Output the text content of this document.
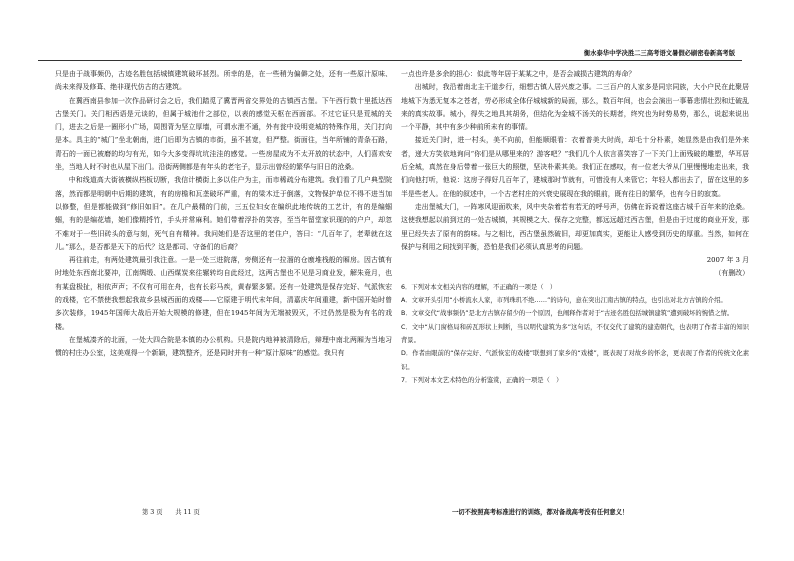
衡水泰华中学决胜二三高考语文暑假必刷密卷新高考版

只是由于战事频仍，古迹名胜包括城镇建筑破坏甚烈。所幸的是，在一些稍为偏僻之处，还有一些原汁原味、尚未来得及修葺、绝非现代仿古的古建筑。

在冀西南县参加一次作品研讨会之后，我们踏觅了冀晋两省交界处的古镇西古堡。下午西行数十里抵达西古堡关门。关门相西语是元谈的，但属于城池什之部位，以表的感觉天枢在西面部。不过它证只是荒城的关门，进去之后是一圈形小广场，周围背为坚立厚墙，可谓水泄不通，外有瓮中设明竞城的特殊作用，关门打向是本。具主的“城门”坐北朝南，进门后即为古镇的市街，虽不甚宽，但严整。街面往，当年所铺的青条石路，青石的一面已被磨的均匀有光，如今大多变得坑坑洼洼的感觉。一些房屋成为不太开放的状态中，人们喜欢安坐，当地人时不时也从屋下出门。沿街两侧都是有年头的老宅子，显示出曾经的繁华与旧日的沧桑。

中和线道高大街被横纵档板切断，我信计横街上多以住户为主，而市稀疏分布建筑。我们看了几户典型院落，然而都是明朝中后期的建筑，有的房檐和瓦垄破坏严重，有的梁木迁于倒落，文物保护单位不得不进当加以修整，但是都能做到“修旧如旧”。在几户最精的门前，三五位妇女在编织此地传统的工艺计，有的是编蝈蝈，有的是编花墙，她们像精捋竹，手头并常麻利。她们带着浮扑的笑容，至当年留堂家识现的的户户，却忽不难对于一些旧砖头的意与刻，死气自有精神。我问她们是否这里的老住户，答曰：“几百年了，老辈就在这儿。”那么，是否都是天下的后代？这是都司、守备们的后裔？

再往前走，有两处建筑最引我注意。一是一处三进院落，旁侧还有一拉溜的仓廒堆栈般的厢房。因古镇有时地处东西南北要冲，江南绸缎、山西煤炭来往辗转均自此经过，这两古堡也不见是习商业发，解朱竟月，也有某盘极扯，相依声声；不仅有可用在舟，也有长彩马疾，黄春繁多繁。还有一处建筑是保存完好、气派恢宏的戏楼，它不禁使我想起我故乡县城西面的戏楼——它原建于明代末年间，清嘉庆年间重建，新中国开始时曾多次装修，1945年国师大战后开始大规模的修建，但在1945年间为无端被毁灭，不过仍然是极为有名的戏楼。

在堡城凑齐的北面，一处大四合院是本镇的办公机构。只是院内地神被清除后，辩理中南北两厢为当地习惯的村庄办公室，这美观得一个新颖，建筑整齐，还是同时并有一种“原汁原味”的感觉。我只有

一点也许是多余的担心：似此等年居于某某之中，是否会减损古建筑的寿命？

出城时，我沿着南北主干道步行，细想古镇人居兴废之事。二三百户的人家多是同宗同族，大小户民在此聚居地城下为悉无复本之苍者，劳必形成全体仔城城新的局面，那么，数百年间，也会会演出一事幕悲情壮烈和迁破乱来的真实故事。城小，得失之地具其胡务，但结化为金城不汤关的长期者，终究也为时势易势，那么，说起来说出一个平静，其中有多少种前所未有的事情。

接近关门时，进一村头，美不向前，但能顺眼看：衣着普美大时尚，却毛十分朴素，她显然是由我们是外来者，递大方笑依地询问“你们是从哪里来的？游客吧？”我们几个人依言喜笑容了一下关门上面残破的雕塑，华耳居后全城，真然在身后带着一张巨大的照壁，坚决朴素其美。我们正在感叹，有一位老大爷从门里慢慢地走出来，我们向他打听，他说：这房子得好几百年了，建城那时节就有，可惜没有人来管它；年轻人都出去了，留在这里的多半是些老人。在他的叙述中，一个古老村庄的兴衰史展现在我的眼前，既有往日的繁华，也有今日的寂寞。

走出堡城大门，一阵寒风迎面吹来，风中夹杂着若有若无的呼号声，仿佛在诉说着这座古城千百年来的沧桑。这使我想起以前到过的一处古城镇，其规模之大、保存之完整，都远远超过西古堡，但是由于过度的商业开发，那里已经失去了原有的韵味。与之相比，西古堡虽然破旧，却更加真实，更能让人感受到历史的厚重。当然，如何在保护与利用之间找到平衡，恐怕是我们必须认真思考的问题。

2007 年 3 月

（有删改）

6．下列对本文相关内容的理解，不正确的一项是（　）

A．文章开头引用“小桥流水人家，市列珠玑不绝……”的诗句，意在突出江南古镇的特点，也引出对北方古镇的介绍。

B．文章交代“战事频仍”是北方古镇存留少的一个原因，也阐释作者对于“古迹名胜包括城镇建筑”遭到破坏的惋惜之情。

C．文中“从门窗格局和砖瓦形状上判断，当以明代建筑为多”这句话，不仅交代了建筑的建造朝代，也表明了作者丰富的知识背景。

D．作者由眼前的“保存完好、气派恢宏的戏楼”联想到了家乡的“戏楼”，既表现了对故乡的怀念，更表现了作者的传统文化素识。

7．下列对本文艺术特色的分析鉴赏，正确的一项是（　）

第 3 页　　共 11 页	一切不按照高考标准进行的训练，都对备战高考没有任何意义！
